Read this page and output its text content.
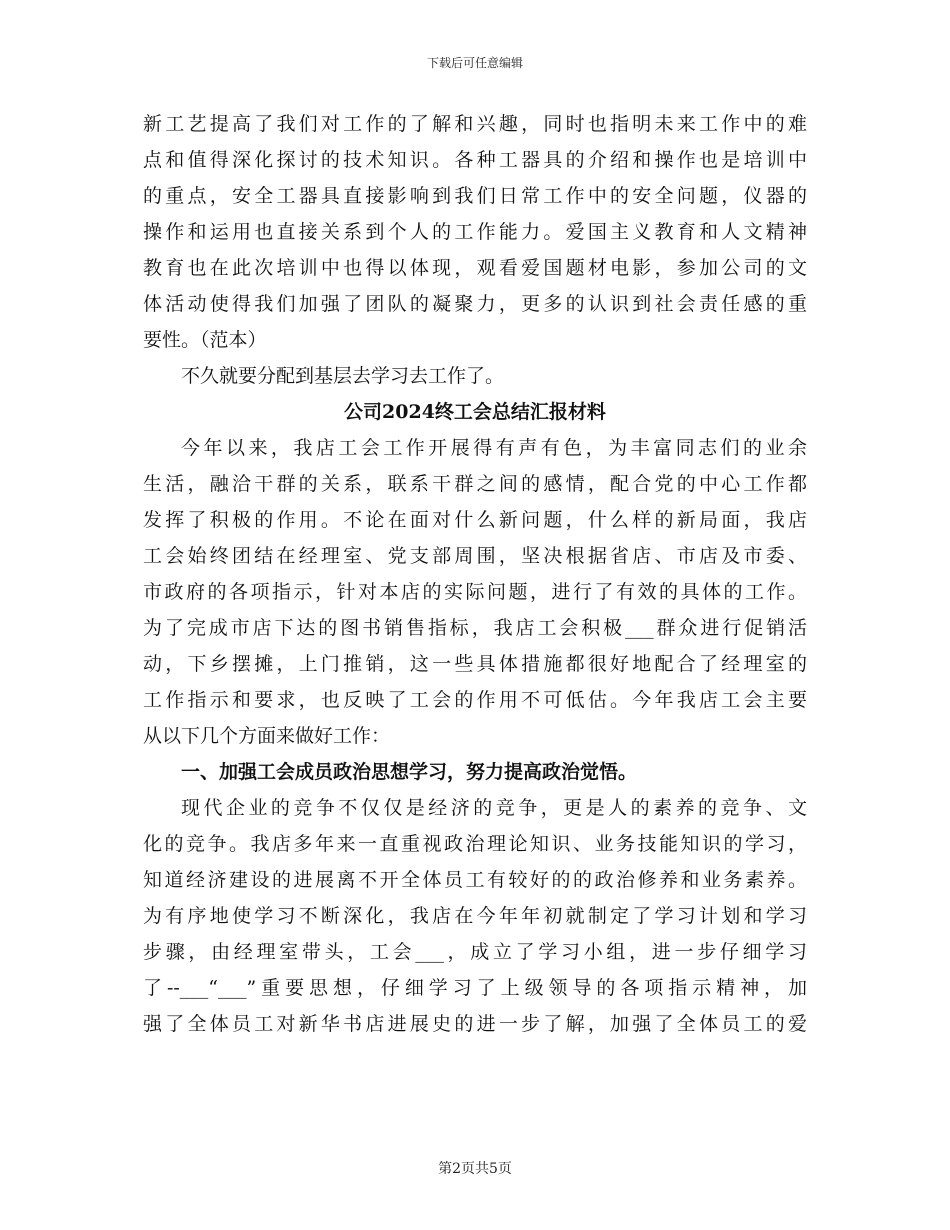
下载后可任意编辑
新工艺提高了我们对工作的了解和兴趣，同时也指明未来工作中的难
点和值得深化探讨的技术知识。各种工器具的介绍和操作也是培训中
的重点，安全工器具直接影响到我们日常工作中的安全问题，仪器的
操作和运用也直接关系到个人的工作能力。爱国主义教育和人文精神
教育也在此次培训中也得以体现，观看爱国题材电影，参加公司的文
体活动使得我们加强了团队的凝聚力，更多的认识到社会责任感的重
要性。（范本）
不久就要分配到基层去学习去工作了。
公司2024终工会总结汇报材料
今年以来，我店工会工作开展得有声有色，为丰富同志们的业余
生活，融洽干群的关系，联系干群之间的感情，配合党的中心工作都
发挥了积极的作用。不论在面对什么新问题，什么样的新局面，我店
工会始终团结在经理室、党支部周围，坚决根据省店、市店及市委、
市政府的各项指示，针对本店的实际问题，进行了有效的具体的工作。
为了完成市店下达的图书销售指标，我店工会积极___群众进行促销活
动，下乡摆摊，上门推销，这一些具体措施都很好地配合了经理室的
工作指示和要求，也反映了工会的作用不可低估。今年我店工会主要
从以下几个方面来做好工作：
一、加强工会成员政治思想学习，努力提高政治觉悟。
现代企业的竞争不仅仅是经济的竞争，更是人的素养的竞争、文
化的竞争。我店多年来一直重视政治理论知识、业务技能知识的学习，
知道经济建设的进展离不开全体员工有较好的的政治修养和业务素养。
为有序地使学习不断深化，我店在今年年初就制定了学习计划和学习
步骤，由经理室带头，工会___，成立了学习小组，进一步仔细学习
了--___“___”重要思想，仔细学习了上级领导的各项指示精神，加
强了全体员工对新华书店进展史的进一步了解，加强了全体员工的爱
第2页共5页
